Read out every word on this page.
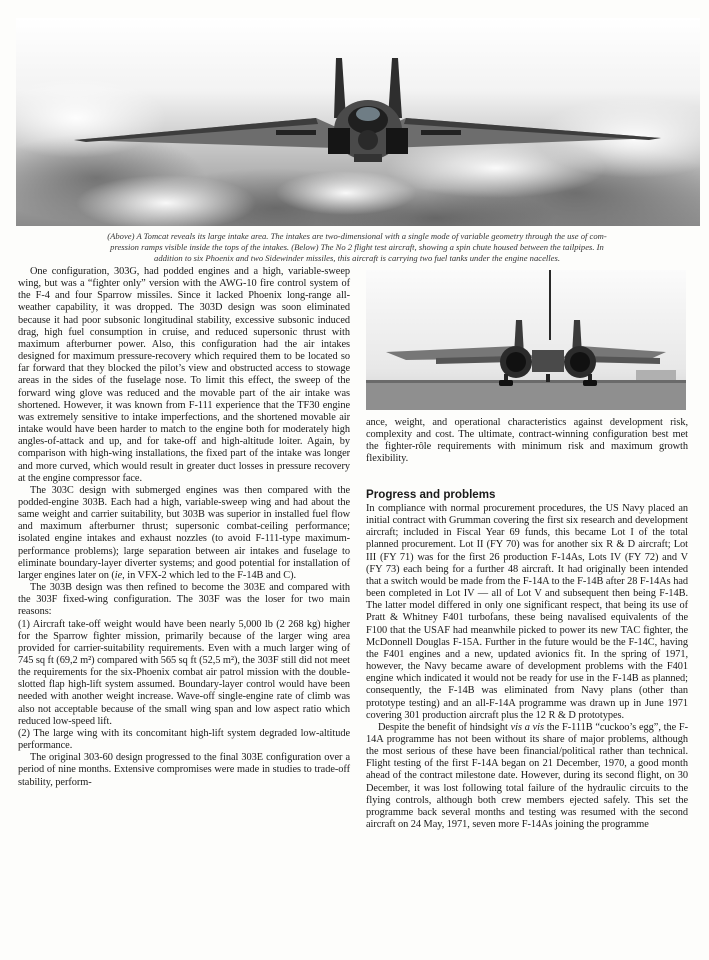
(Above) A Tomcat reveals its large intake area. The intakes are two-dimensional with a single mode of variable geometry through the use of com-
pression ramps visible inside the tops of the intakes. (Below) The No 2 flight test aircraft, showing a spin chute housed between the tailpipes. In
addition to six Phoenix and two Sidewinder missiles, this aircraft is carrying two fuel tanks under the engine nacelles.

One configuration, 303G, had podded engines and a high, variable-sweep wing, but was a “fighter only” version with the AWG-10 fire control system of the F-4 and four Sparrow missiles. Since it lacked Phoenix long-range all-weather capability, it was dropped. The 303D design was soon eliminated because it had poor subsonic longitudinal stability, excessive subsonic induced drag, high fuel consumption in cruise, and reduced supersonic thrust with maximum afterburner power. Also, this configuration had the air intakes designed for maximum pressure-recovery which required them to be located so far forward that they blocked the pilot’s view and obstructed access to stowage areas in the sides of the fuselage nose. To limit this effect, the sweep of the forward wing glove was reduced and the movable part of the air intake was shortened. However, it was known from F-111 experience that the TF30 engine was extremely sensitive to intake imperfections, and the shortened movable air intake would have been harder to match to the engine both for moderately high angles-of-attack and up, and for take-off and high-altitude loiter. Again, by comparison with high-wing installations, the fixed part of the intake was longer and more curved, which would result in greater duct losses in pressure recovery at the engine compressor face.

The 303C design with submerged engines was then compared with the podded-engine 303B. Each had a high, variable-sweep wing and had about the same weight and carrier suitability, but 303B was superior in installed fuel flow and maximum afterburner thrust; supersonic combat-ceiling performance; isolated engine intakes and exhaust nozzles (to avoid F-111-type maximum-performance problems); large separation between air intakes and fuselage to eliminate boundary-layer diverter systems; and good potential for installation of larger engines later on (ie, in VFX-2 which led to the F-14B and C).

The 303B design was then refined to become the 303E and compared with the 303F fixed-wing configuration. The 303F was the loser for two main reasons:

(1) Aircraft take-off weight would have been nearly 5,000 lb (2 268 kg) higher for the Sparrow fighter mission, primarily because of the larger wing area provided for carrier-suitability requirements. Even with a much larger wing of 745 sq ft (69,2 m²) compared with 565 sq ft (52,5 m²), the 303F still did not meet the requirements for the six-Phoenix combat air patrol mission with the double-slotted flap high-lift system assumed. Boundary-layer control would have been needed with another weight increase. Wave-off single-engine rate of climb was also not acceptable because of the small wing span and low aspect ratio which reduced low-speed lift.

(2) The large wing with its concomitant high-lift system degraded low-altitude performance.

The original 303-60 design progressed to the final 303E configuration over a period of nine months. Extensive compromises were made in studies to trade-off stability, perform-

ance, weight, and operational characteristics against development risk, complexity and cost. The ultimate, contract-winning configuration best met the fighter-rôle requirements with minimum risk and maximum growth flexibility.

Progress and problems

In compliance with normal procurement procedures, the US Navy placed an initial contract with Grumman covering the first six research and development aircraft; included in Fiscal Year 69 funds, this became Lot I of the total planned procurement. Lot II (FY 70) was for another six R & D aircraft; Lot III (FY 71) was for the first 26 production F-14As, Lots IV (FY 72) and V (FY 73) each being for a further 48 aircraft. It had originally been intended that a switch would be made from the F-14A to the F-14B after 28 F-14As had been completed in Lot IV — all of Lot V and subsequent then being F-14B. The latter model differed in only one significant respect, that being its use of Pratt & Whitney F401 turbofans, these being navalised equivalents of the F100 that the USAF had meanwhile picked to power its new TAC fighter, the McDonnell Douglas F-15A. Further in the future would be the F-14C, having the F401 engines and a new, updated avionics fit. In the spring of 1971, however, the Navy became aware of development problems with the F401 engine which indicated it would not be ready for use in the F-14B as planned; consequently, the F-14B was eliminated from Navy plans (other than prototype testing) and an all-F-14A programme was drawn up in June 1971 covering 301 production aircraft plus the 12 R & D prototypes.

Despite the benefit of hindsight vis a vis the F-111B “cuckoo’s egg”, the F-14A programme has not been without its share of major problems, although the most serious of these have been financial/political rather than technical. Flight testing of the first F-14A began on 21 December, 1970, a good month ahead of the contract milestone date. However, during its second flight, on 30 December, it was lost following total failure of the hydraulic circuits to the flying controls, although both crew members ejected safely. This set the programme back several months and testing was resumed with the second aircraft on 24 May, 1971, seven more F-14As joining the programme
